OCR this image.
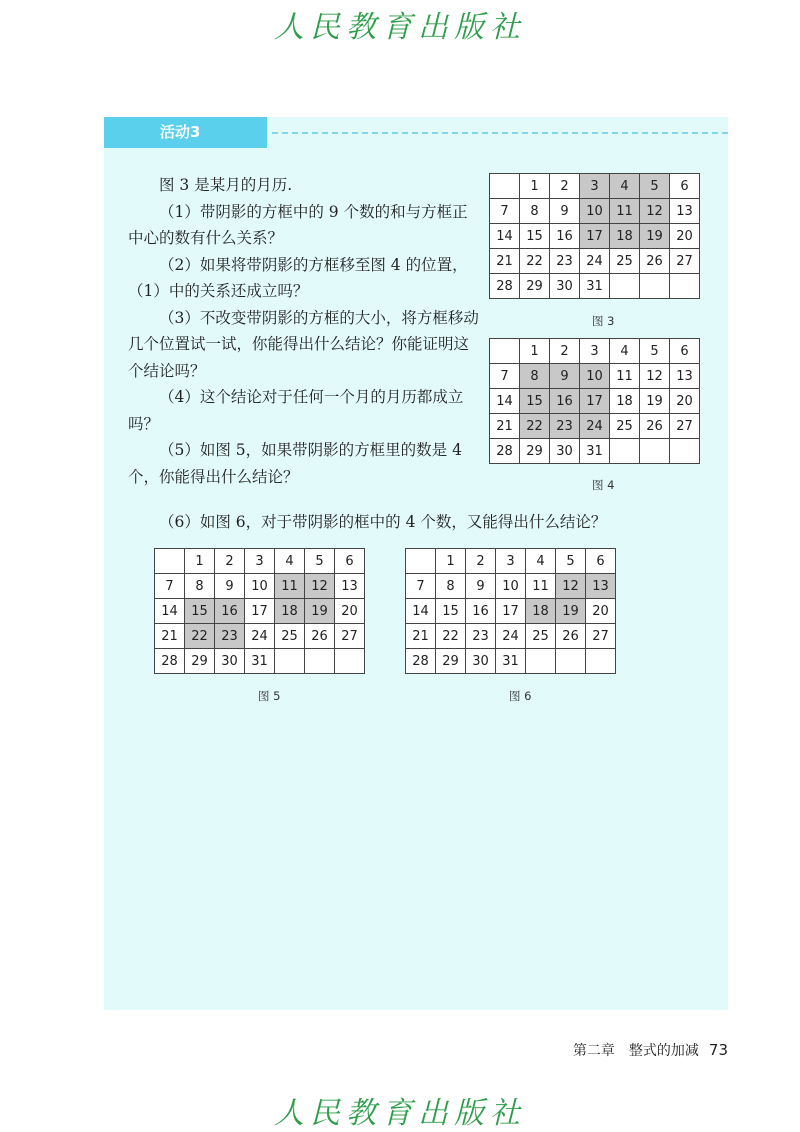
人民教育出版社
活动3

图 3 是某月的月历.

（1）带阴影的方框中的 9 个数的和与方框正中心的数有什么关系？

（2）如果将带阴影的方框移至图 4 的位置，（1）中的关系还成立吗？

（3）不改变带阴影的方框的大小，将方框移动几个位置试一试，你能得出什么结论？你能证明这个结论吗？

（4）这个结论对于任何一个月的月历都成立吗？

（5）如图 5，如果带阴影的方框里的数是 4 个，你能得出什么结论？

（6）如图 6，对于带阴影的框中的 4 个数，又能得出什么结论？
	1	2	3	4	5	6
7	8	9	10	11	12	13
14	15	16	17	18	19	20
21	22	23	24	25	26	27
28	29	30	31			
图 3
	1	2	3	4	5	6
7	8	9	10	11	12	13
14	15	16	17	18	19	20
21	22	23	24	25	26	27
28	29	30	31			
图 4
	1	2	3	4	5	6
7	8	9	10	11	12	13
14	15	16	17	18	19	20
21	22	23	24	25	26	27
28	29	30	31			
图 5
	1	2	3	4	5	6
7	8	9	10	11	12	13
14	15	16	17	18	19	20
21	22	23	24	25	26	27
28	29	30	31			
图 6
第二章　整式的加减 73
人民教育出版社
